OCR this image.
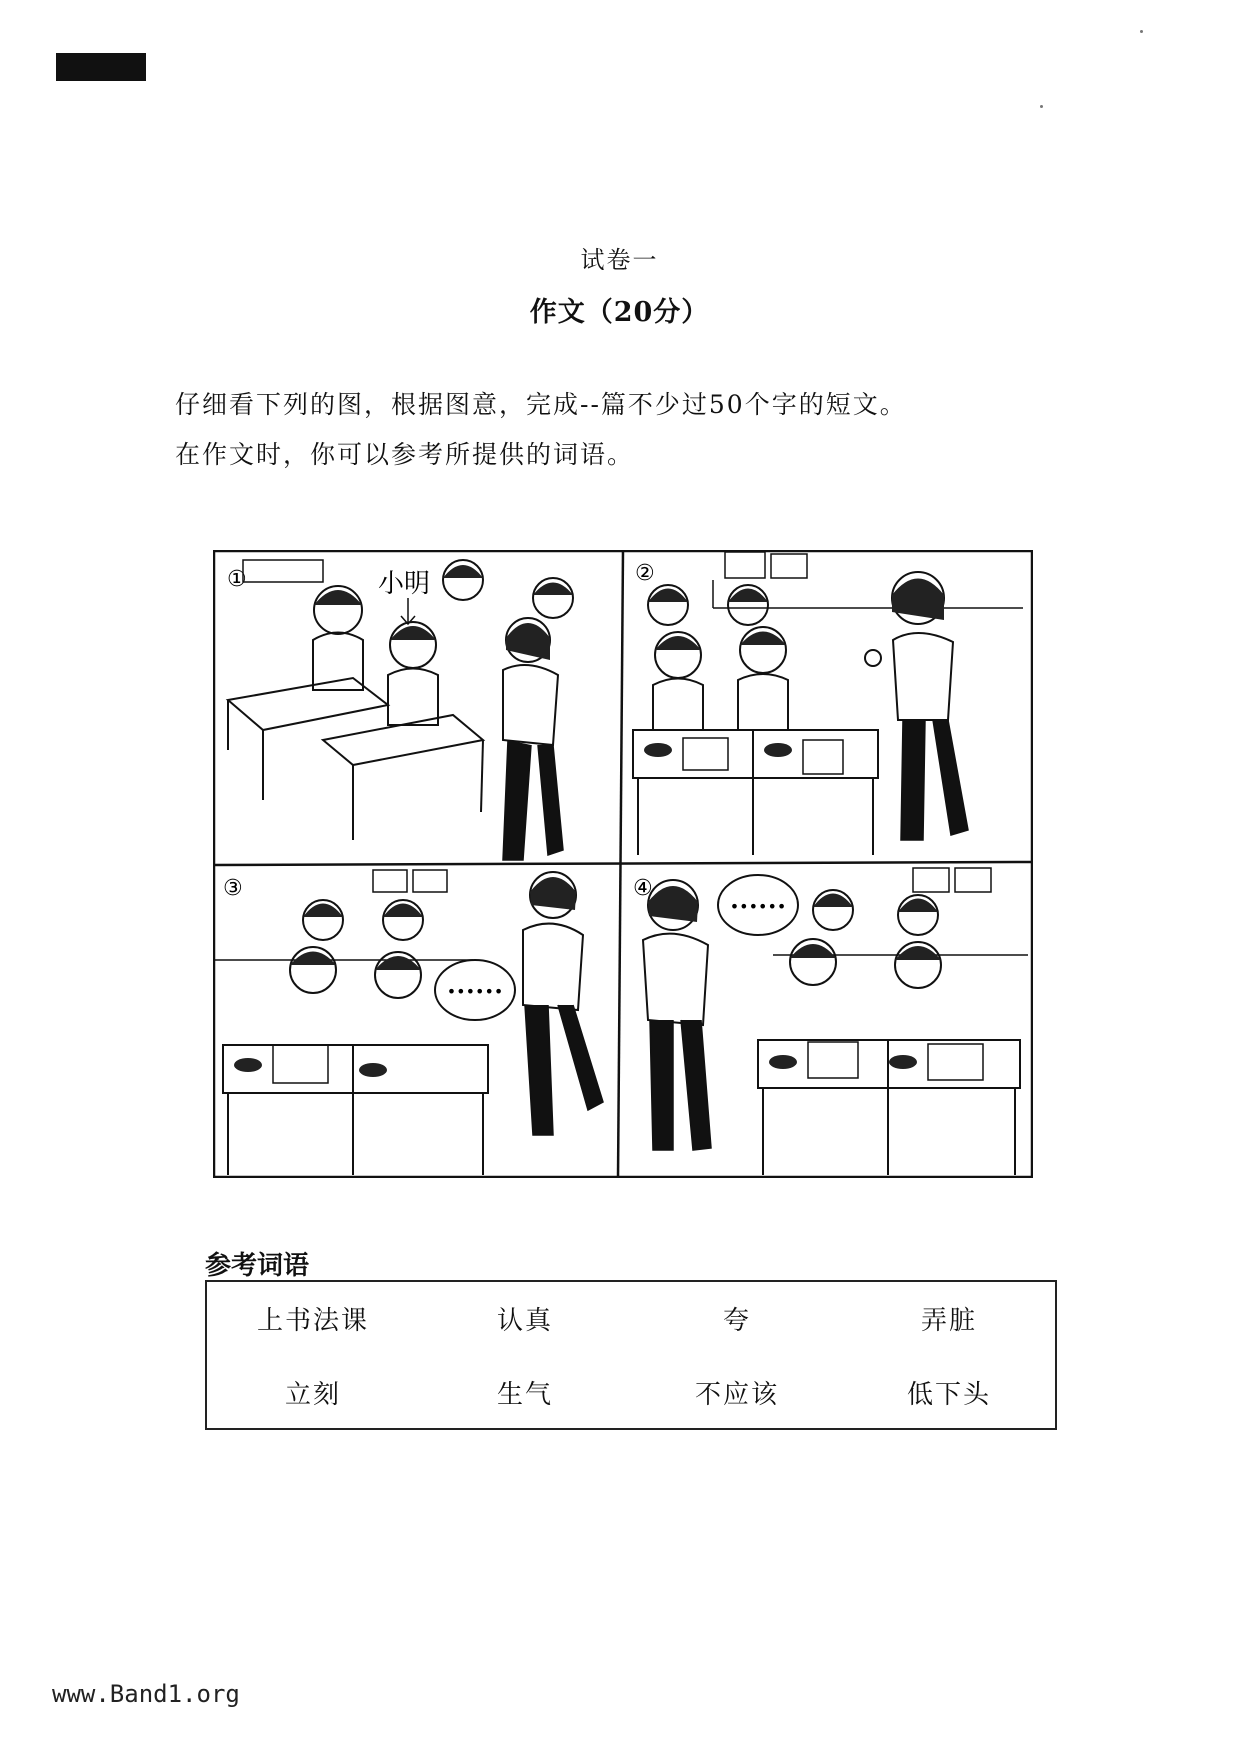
试卷一
作文（20分）
仔细看下列的图，根据图意，完成--篇不少过50个字的短文。
在作文时，你可以参考所提供的词语。
①	小明	②
③
••••••
④
••••••
参考词语
上书法课	认真	夸	弄脏
立刻	生气	不应该	低下头
www.Band1.org
